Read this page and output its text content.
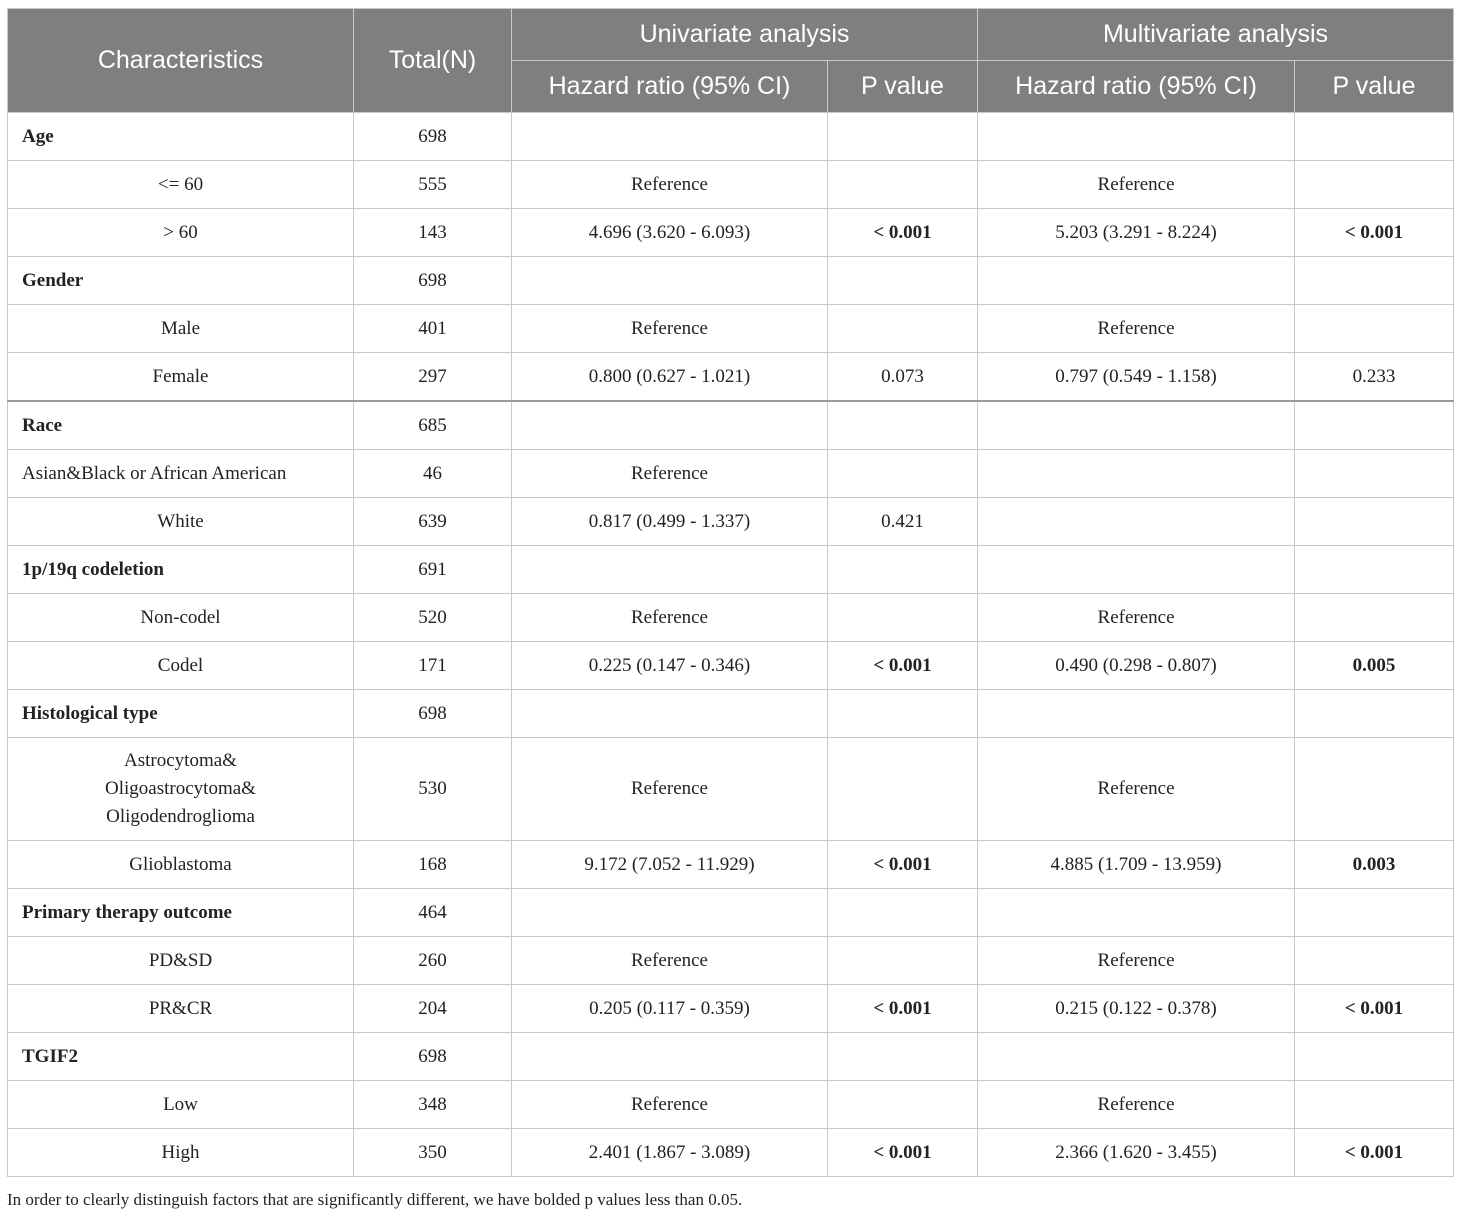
Characteristics	Total(N)	Univariate analysis		Multivariate analysis	
		Hazard ratio (95% CI)	P value	Hazard ratio (95% CI)	P value
Age	698				
<= 60	555	Reference		Reference	
> 60	143	4.696 (3.620 - 6.093)	< 0.001	5.203 (3.291 - 8.224)	< 0.001
Gender	698				
Male	401	Reference		Reference	
Female	297	0.800 (0.627 - 1.021)	0.073	0.797 (0.549 - 1.158)	0.233
Race	685				
Asian&Black or African American	46	Reference			
White	639	0.817 (0.499 - 1.337)	0.421		
1p/19q codeletion	691				
Non-codel	520	Reference		Reference	
Codel	171	0.225 (0.147 - 0.346)	< 0.001	0.490 (0.298 - 0.807)	0.005
Histological type	698				

Astrocytoma& Oligoastrocytoma& Oligodendroglioma	530	Reference		Reference	
Glioblastoma	168	9.172 (7.052 - 11.929)	< 0.001	4.885 (1.709 - 13.959)	0.003
Primary therapy outcome	464				
PD&SD	260	Reference		Reference	
PR&CR	204	0.205 (0.117 - 0.359)	< 0.001	0.215 (0.122 - 0.378)	< 0.001
TGIF2	698				
Low	348	Reference		Reference	
High	350	2.401 (1.867 - 3.089)	< 0.001	2.366 (1.620 - 3.455)	< 0.001
In order to clearly distinguish factors that are significantly different, we have bolded p values less than 0.05.
